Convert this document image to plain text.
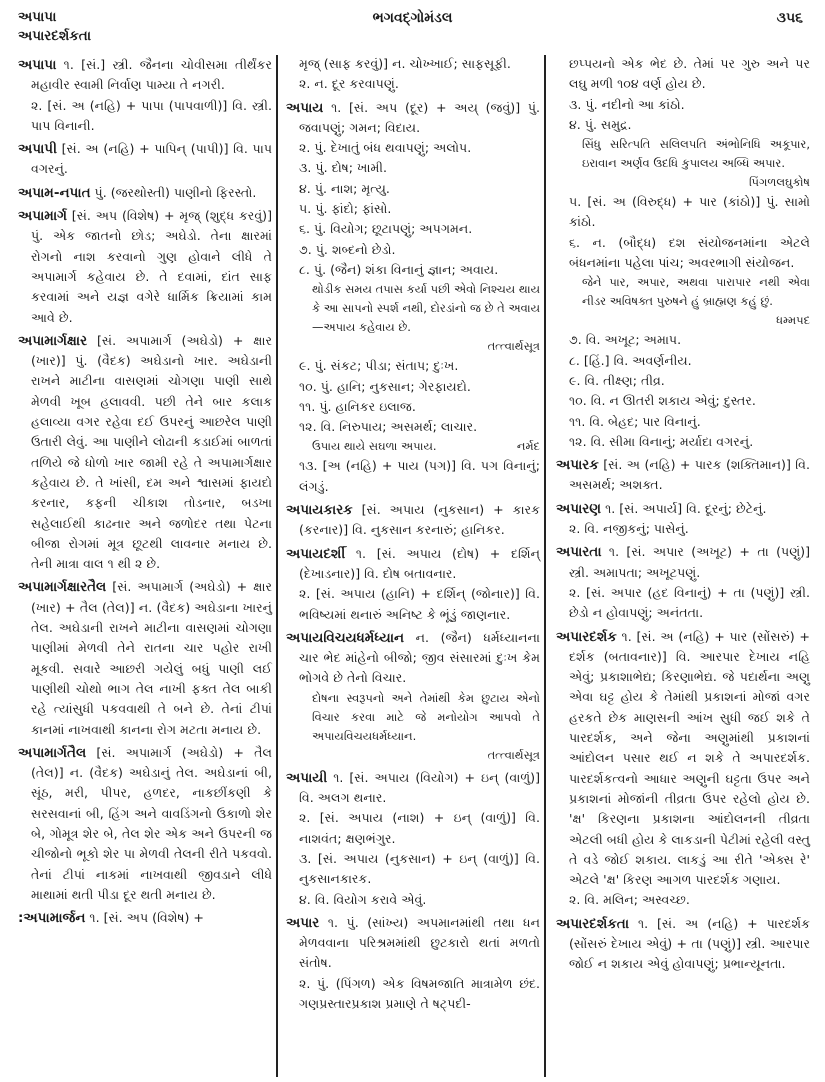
અપાપા
અપારદર્શકતા
ભગવદ્ગોમંડલ	૩૫૬
અપાપા ૧. [સં.] સ્ત્રી. જૈનના ચોવીસમા તીર્થંકર મહાવીર સ્વામી નિર્વાણ પામ્યા તે નગરી.
૨. [સં. અ (નહિ) + પાપા (પાપવાળી)] વિ. સ્ત્રી. પાપ વિનાની.
અપાપી [સં. અ (નહિ) + પાપિન્ (પાપી)] વિ. પાપ વગરનું.
અપામ-નપાત પું. (જરથોસ્તી) પાણીનો ફિરસ્તો.
અપામાર્ગ [સં. અપ (વિશેષ) + મૃજ્ (શુદ્ધ કરવું)] પું. એક જાતનો છોડ; અઘેડો. તેના ક્ષારમાં રોગનો નાશ કરવાનો ગુણ હોવાને લીધે તે અપામાર્ગ કહેવાય છે. તે દવામાં, દાંત સાફ કરવામાં અને યજ્ઞ વગેરે ધાર્મિક ક્રિયામાં કામ આવે છે.
અપામાર્ગક્ષાર [સં. અપામાર્ગ (અઘેડો) + ક્ષાર (ખાર)] પું. (વૈદક) અઘેડાનો ખાર. અઘેડાની રાખને માટીના વાસણમાં ચોગણા પાણી સાથે મેળવી ખૂબ હલાવવી. પછી તેને બાર કલાક હલાવ્યા વગર રહેવા દઈ ઉપરનું આછરેલ પાણી ઉતારી લેવું. આ પાણીને લોઢાની કડાઈમાં બાળતાં તળિયે જે ધોળો ખાર જામી રહે તે અપામાર્ગક્ષાર કહેવાય છે. તે ખાંસી, દમ અને શ્વાસમાં ફાયદો કરનાર, કફની ચીકાશ તોડનાર, બડખા સહેલાઈથી કાઢનાર અને જળોદર તથા પેટના બીજા રોગમાં મૂત્ર છૂટથી લાવનાર મનાય છે. તેની માત્રા વાલ ૧ થી ૨ છે.
અપામાર્ગક્ષારતૈલ [સં. અપામાર્ગ (અઘેડો) + ક્ષાર (ખાર) + તૈલ (તેલ)] ન. (વૈદક) અઘેડાના ખારનું તેલ. અઘેડાની રાખને માટીના વાસણમાં ચોગણા પાણીમાં મેળવી તેને રાતના ચાર પહોર રાખી મૂકવી. સવારે આછરી ગયેલું બધું પાણી લઈ પાણીથી ચોથો ભાગ તેલ નાખી ફક્ત તેલ બાકી રહે ત્યાંસુધી પકવવાથી તે બને છે. તેનાં ટીપાં કાનમાં નાખવાથી કાનના રોગ મટતા મનાય છે.
અપામાર્ગતૈલ [સં. અપામાર્ગ (અઘેડો) + તૈલ (તેલ)] ન. (વૈદક) અઘેડાનું તેલ. અઘેડાનાં બી, સૂંઠ, મરી, પીપર, હળદર, નાકછીંકણી કે સરસવાનાં બી, હિંગ અને વાવડિંગનો ઉકાળો શેર બે, ગોમૂત્ર શેર બે, તેલ શેર એક અને ઉપરની જ ચીજોનો ભૂકો શેર પા મેળવી તેલની રીતે પકવવો. તેનાં ટીપાં નાકમાં નાખવાથી જીવડાને લીધે માથામાં થતી પીડા દૂર થતી મનાય છે.
:અપામાર્જન ૧. [સં. અપ (વિશેષ) +
મૃજ્ (સાફ કરવું)] ન. ચોખ્ખાઈ; સાફસૂફી.
૨. ન. દૂર કરવાપણું.
અપાય ૧. [સં. અપ (દૂર) + અય્ (જવું)] પું. જવાપણું; ગમન; વિદાય.
૨. પું. દેખાતું બંધ થવાપણું; અલોપ.
૩. પું. દોષ; ખામી.
૪. પું. નાશ; મૃત્યુ.
૫. પું. ફાંદો; ફાંસો.
૬. પું. વિયોગ; છૂટાપણું; અપગમન.
૭. પું. શબ્દનો છેડો.
૮. પું. (જૈન) શંકા વિનાનું જ્ઞાન; અવાય.
થોડીક સમય તપાસ કર્યા પછી એવો નિશ્ચય થાય કે આ સાપનો સ્પર્શ નથી, દોરડાંનો જ છે તે અવાય—અપાય કહેવાય છે.
તત્ત્વાર્થસૂત્ર
૯. પું. સંકટ; પીડા; સંતાપ; દુઃખ.
૧૦. પું. હાનિ; નુકસાન; ગેરફાયદો.
૧૧. પું. હાનિકર ઇલાજ.
૧૨. વિ. નિરુપાય; અસમર્થ; લાચાર.
ઉપાય થાયે સઘળા અપાય.	નર્મદ
૧૩. [અ (નહિ) + પાય (પગ)] વિ. પગ વિનાનું; લંગડું.
અપાયકારક [સં. અપાય (નુકસાન) + કારક (કરનાર)] વિ. નુકસાન કરનારું; હાનિકર.
અપાયદર્શી ૧. [સં. અપાય (દોષ) + દર્શિન્ (દેખાડનાર)] વિ. દોષ બતાવનાર.
૨. [સં. અપાય (હાનિ) + દર્શિન્ (જોનાર)] વિ. ભવિષ્યમાં થનારું અનિષ્ટ કે ભૂંડું જાણનાર.
અપાયવિચયધર્મધ્યાન ન. (જૈન) ધર્મધ્યાનના ચાર ભેદ માંહેનો બીજો; જીવ સંસારમાં દુઃખ કેમ ભોગવે છે તેનો વિચાર.
દોષના સ્વરૂપનો અને તેમાંથી કેમ છુટાય એનો વિચાર કરવા માટે જે મનોયોગ આપવો તે અપાયવિચયધર્મધ્યાન.
તત્ત્વાર્થસૂત્ર
અપાયી ૧. [સં. અપાય (વિયોગ) + ઇન્ (વાળું)] વિ. અલગ થનાર.
૨. [સં. અપાય (નાશ) + ઇન્ (વાળું)] વિ. નાશવંત; ક્ષણભંગુર.
૩. [સં. અપાય (નુકસાન) + ઇન્ (વાળું)] વિ. નુકસાનકારક.
૪. વિ. વિયોગ કરાવે એવું.
અપાર ૧. પું. (સાંખ્ય) અપમાનમાંથી તથા ધન મેળવવાના પરિશ્રમમાંથી છુટકારો થતાં મળતો સંતોષ.
૨. પું. (પિંગળ) એક વિષમજાતિ માત્રામેળ છંદ. ગણપ્રસ્તારપ્રકાશ પ્રમાણે તે ષટ્પદી-
છપ્પયનો એક ભેદ છે. તેમાં પર ગુરુ અને પર લઘુ મળી ૧૦૪ વર્ણ હોય છે.
૩. પું. નદીનો આ કાંઠો.
૪. પું. સમુદ્ર.
સિંધુ સરિત્પતિ સલિલપતિ અંભોનિધિ અકૂપાર, ઇરાવાન અર્ણવ ઉદધિ કુપાલય અબ્ધિ અપાર.
પિંગળલઘુકોષ
૫. [સં. અ (વિરુદ્ધ) + પાર (કાંઠો)] પું. સામો કાંઠો.
૬. ન. (બૌદ્ધ) દશ સંયોજનમાંના એટલે બંધનમાંના પહેલા પાંચ; અવરભાગી સંયોજન.
જેને પાર, અપાર, અથવા પારાપાર નથી એવા નીડર અવિષક્ત પુરુષને હું બ્રાહ્મણ કહું છું.
ધમ્મપદ
૭. વિ. અખૂટ; અમાપ.
૮. [હિં.] વિ. અવર્ણનીય.
૯. વિ. તીક્ષ્ણ; તીવ્ર.
૧૦. વિ. ન ઊતરી શકાય એવું; દુસ્તર.
૧૧. વિ. બેહદ; પાર વિનાનું.
૧૨. વિ. સીમા વિનાનું; મર્યાદા વગરનું.
અપારક [સં. અ (નહિ) + પારક (શક્તિમાન)] વિ. અસમર્થ; અશક્ત.
અપારણ ૧. [સં. અપાર્ય] વિ. દૂરનું; છેટેનું.
૨. વિ. નજીકનું; પાસેનું.
અપારતા ૧. [સં. અપાર (અખૂટ) + તા (પણું)] સ્ત્રી. અમાપતા; અખૂટપણું.
૨. [સં. અપાર (હદ વિનાનું) + તા (પણું)] સ્ત્રી. છેડો ન હોવાપણું; અનંતતા.
અપારદર્શક ૧. [સં. અ (નહિ) + પાર (સોંસરું) + દર્શક (બતાવનાર)] વિ. આરપાર દેખાય નહિ એવું; પ્રકાશાભેદ્ય; કિરણાભેદ્ય. જે પદાર્થના અણુ એવા ઘટ્ટ હોય કે તેમાંથી પ્રકાશનાં મોજાં વગર હરકતે છેક માણસની આંખ સુધી જઈ શકે તે પારદર્શક, અને જેના અણુમાંથી પ્રકાશનાં આંદોલન પસાર થઈ ન શકે તે અપારદર્શક. પારદર્શકત્વનો આધાર અણુની ઘટ્ટતા ઉપર અને પ્રકાશનાં મોજાંની તીવ્રતા ઉપર રહેલો હોય છે. 'ક્ષ' કિરણના પ્રકાશના આંદોલનની તીવ્રતા એટલી બધી હોય કે લાકડાની પેટીમાં રહેલી વસ્તુ તે વડે જોઈ શકાય. લાકડું આ રીતે 'એક્સ રે' એટલે 'ક્ષ' કિરણ આગળ પારદર્શક ગણાય.
૨. વિ. મલિન; અસ્વચ્છ.
અપારદર્શકતા ૧. [સં. અ (નહિ) + પારદર્શક (સોંસરું દેખાય એવું) + તા (પણું)] સ્ત્રી. આરપાર જોઈ ન શકાય એવું હોવાપણું; પ્રભાન્યૂનતા.
